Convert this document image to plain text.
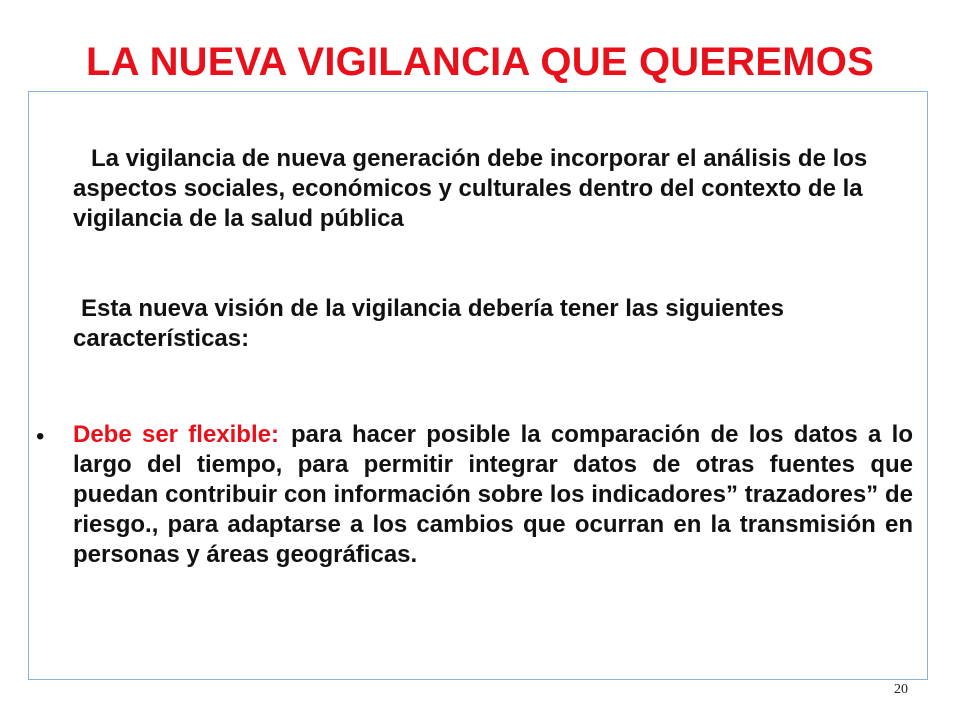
LA NUEVA VIGILANCIA QUE QUEREMOS
La vigilancia de nueva generación debe incorporar el análisis de los aspectos sociales, económicos y culturales dentro del contexto de la vigilancia de la salud pública
Esta nueva visión de la vigilancia debería tener las siguientes características:
• Debe ser flexible: para hacer posible la comparación de los datos a lo largo del tiempo, para permitir integrar datos de otras fuentes que puedan contribuir con información sobre los indicadores” trazadores” de riesgo., para adaptarse a los cambios que ocurran en la transmisión en personas y áreas geográficas.
20
